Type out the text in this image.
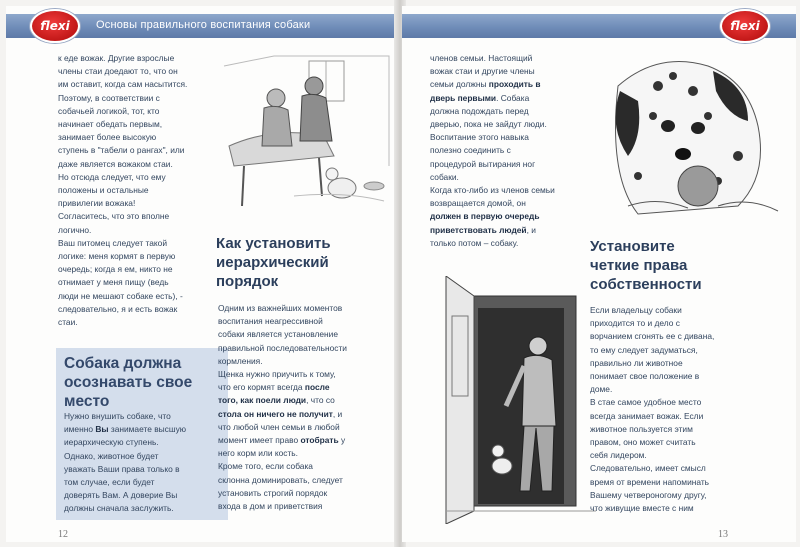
Основы правильного воспитания собаки
flexi
к еде вожак. Другие взрослые
члены стаи доедают то, что он
им оставит, когда сам насытится.
Поэтому, в соответствии с
собачьей логикой, тот, кто
начинает обедать первым,
занимает более высокую
ступень в "табели о рангах", или
даже является вожаком стаи.
Но отсюда следует, что ему
положены и остальные
привилегии вожака!
Согласитесь, что это вполне
логично.
Ваш питомец следует такой
логике: меня кормят в первую
очередь; когда я ем, никто не
отнимает у меня пищу (ведь
люди не мешают собаке есть), -
следовательно, я и есть вожак
стаи.
Собака должна
осознавать свое
место
Нужно внушить собаке, что
именно Вы занимаете высшую
иерархическую ступень.
Однако, животное будет
уважать Ваши права только в
том случае, если будет
доверять Вам. А доверие Вы
должны сначала заслужить.
Как установить
иерархический
порядок
Одним из важнейших моментов
воспитания неагрессивной
собаки является установление
правильной последовательности
кормления.
Щенка нужно приучить к тому,
что его кормят всегда после
того, как поели люди, что со
стола он ничего не получит, и
что любой член семьи в любой
момент имеет право отобрать у
него корм или кость.
Кроме того, если собака
склонна доминировать, следует
установить строгий порядок
входа в дом и приветствия
12
flexi
членов семьи. Настоящий
вожак стаи и другие члены
семьи должны проходить в
дверь первыми. Собака
должна подождать перед
дверью, пока не зайдут люди.
Воспитание этого навыка
полезно соединить с
процедурой вытирания ног
собаки.
Когда кто-либо из членов семьи
возвращается домой, он
должен в первую очередь
приветствовать людей, и
только потом – собаку.	Установите
четкие права
собственности
Если владельцу собаки
приходится то и дело с
ворчанием сгонять ее с дивана,
то ему следует задуматься,
правильно ли животное
понимает свое положение в
доме.
В стае самое удобное место
всегда занимает вожак. Если
животное пользуется этим
правом, оно может считать
себя лидером.
Следовательно, имеет смысл
время от времени напоминать
Вашему четвероногому другу,
что живущие вместе с ним
13
